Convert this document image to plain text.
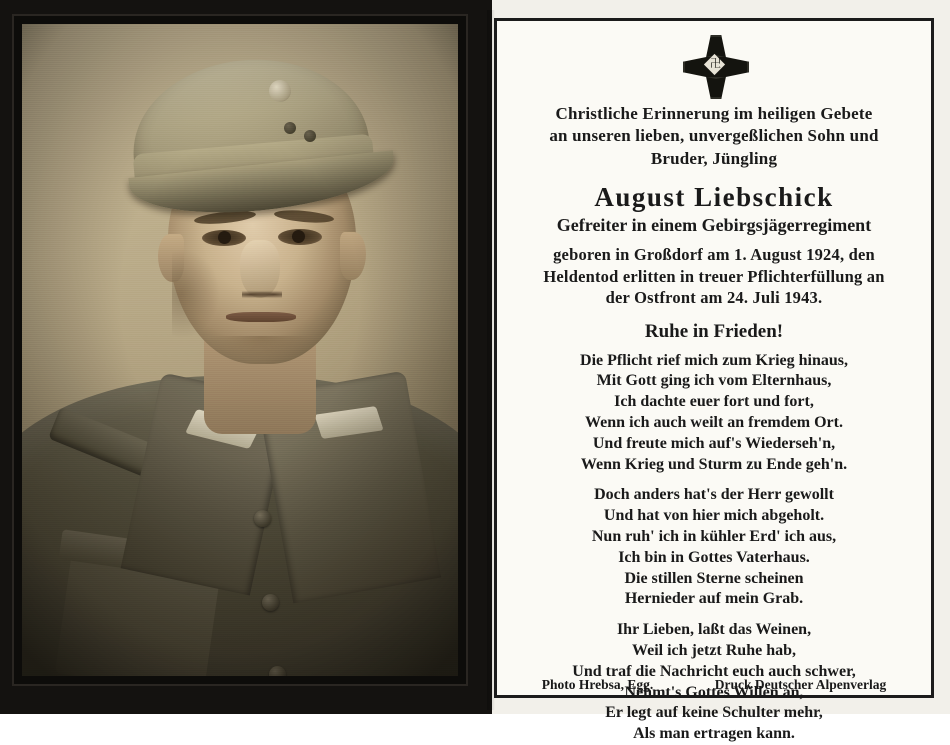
卍
Christliche Erinnerung im heiligen Gebete
an unseren lieben, unvergeßlichen Sohn und
Bruder, Jüngling
August Liebschick
Gefreiter in einem Gebirgsjägerregiment
geboren in Großdorf am 1. August 1924, den
Heldentod erlitten in treuer Pflichterfüllung an
der Ostfront am 24. Juli 1943.
Ruhe in Frieden!
Die Pflicht rief mich zum Krieg hinaus,
Mit Gott ging ich vom Elternhaus,
Ich dachte euer fort und fort,
Wenn ich auch weilt an fremdem Ort.
Und freute mich auf's Wiederseh'n,
Wenn Krieg und Sturm zu Ende geh'n.
Doch anders hat's der Herr gewollt
Und hat von hier mich abgeholt.
Nun ruh' ich in kühler Erd' ich aus,
Ich bin in Gottes Vaterhaus.
Die stillen Sterne scheinen
Hernieder auf mein Grab.
Ihr Lieben, laßt das Weinen,
Weil ich jetzt Ruhe hab,
Und traf die Nachricht euch auch schwer,
Nehmt's Gottes Willen an,
Er legt auf keine Schulter mehr,
Als man ertragen kann.
Photo Hrebsa, Egg.	Druck Deutscher Alpenverlag
